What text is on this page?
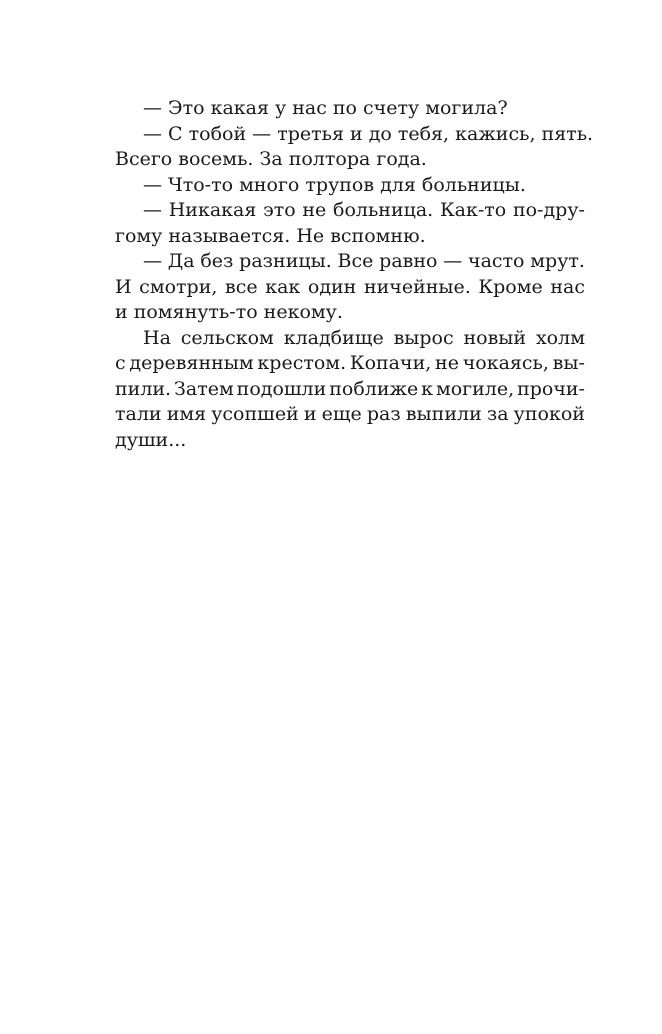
— Это какая у нас по счету могила?
— С тобой — третья и до тебя, кажись, пять.
Всего восемь. За полтора года.
— Что-то много трупов для больницы.
— Никакая это не больница. Как-то по-дру-
гому называется. Не вспомню.
— Да без разницы. Все равно — часто мрут.
И смотри, все как один ничейные. Кроме нас
и помянуть-то некому.
На сельском кладбище вырос новый холм
с деревянным крестом. Копачи, не чокаясь, вы-
пили. Затем подошли поближе к могиле, прочи-
тали имя усопшей и еще раз выпили за упокой
души...
